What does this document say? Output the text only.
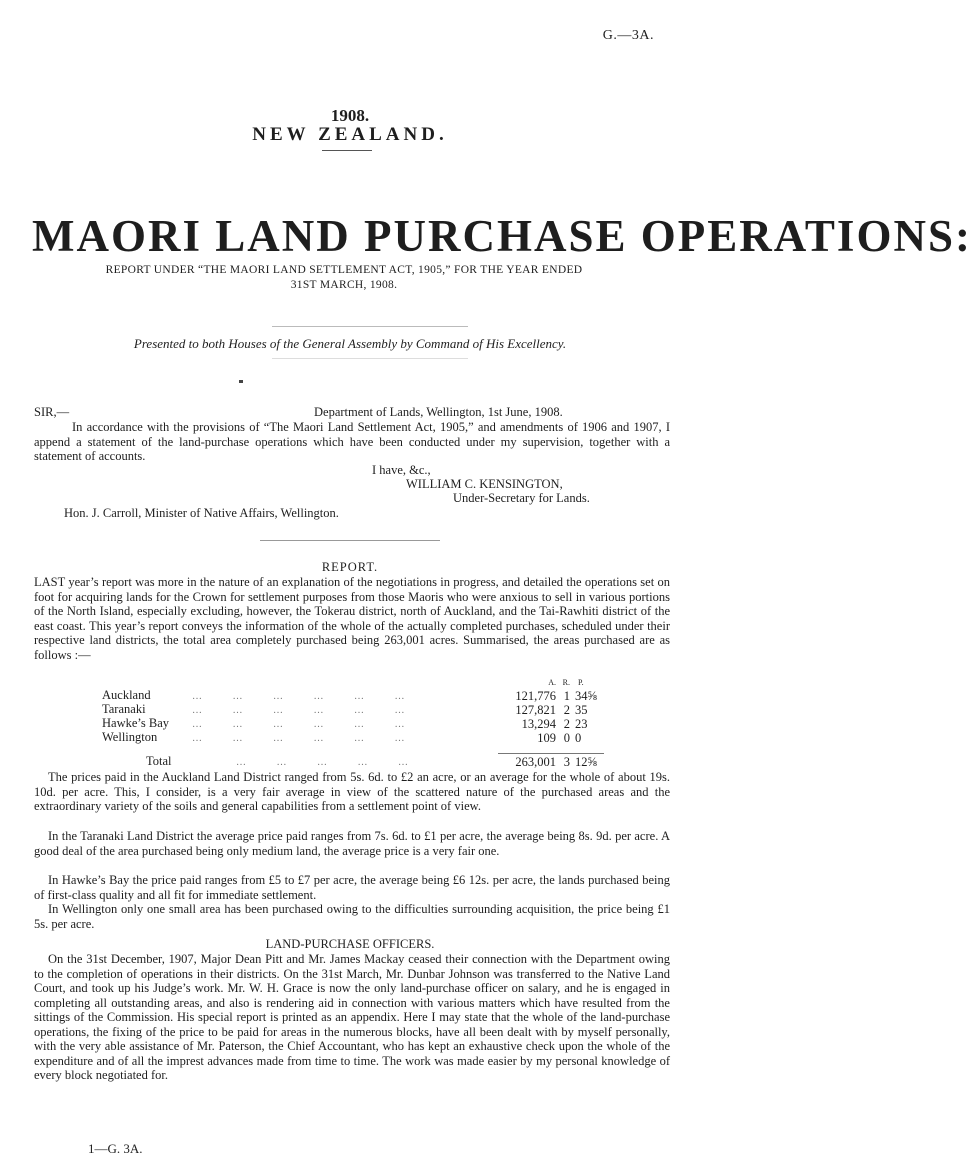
G.—3A.
1908.
NEW ZEALAND.
MAORI LAND PURCHASE OPERATIONS:
REPORT UNDER “THE MAORI LAND SETTLEMENT ACT, 1905,” FOR THE YEAR ENDED
31ST MARCH, 1908.
Presented to both Houses of the General Assembly by Command of His Excellency.
SIR,—	Department of Lands, Wellington, 1st June, 1908.
In accordance with the provisions of “The Maori Land Settlement Act, 1905,” and amendments of 1906 and 1907, I append a statement of the land-purchase operations which have been conducted under my supervision, together with a statement of accounts.
I have, &c.,
WILLIAM C. KENSINGTON,
Under-Secretary for Lands.
Hon. J. Carroll, Minister of Native Affairs, Wellington.
REPORT.
LAST year’s report was more in the nature of an explanation of the negotiations in progress, and detailed the operations set on foot for acquiring lands for the Crown for settlement purposes from those Maoris who were anxious to sell in various portions of the North Island, especially excluding, however, the Tokerau district, north of Auckland, and the Tai-Rawhiti district of the east coast. This year’s report conveys the information of the whole of the actually completed purchases, scheduled under their respective land districts, the total area completely purchased being 263,001 acres. Summarised, the areas purchased are as follows :—
	A.	R.	P.
Auckland … … … … … …	121,776	1	34⅝
Taranaki … … … … … …	127,821	2	35
Hawke’s Bay … … … … … …	13,294	2	23
Wellington … … … … … …	109	0	0

Total … … … … …	263,001	3	12⅝
The prices paid in the Auckland Land District ranged from 5s. 6d. to £2 an acre, or an average for the whole of about 19s. 10d. per acre. This, I consider, is a very fair average in view of the scattered nature of the purchased areas and the extraordinary variety of the soils and general capabilities from a settlement point of view.
In the Taranaki Land District the average price paid ranges from 7s. 6d. to £1 per acre, the average being 8s. 9d. per acre. A good deal of the area purchased being only medium land, the average price is a very fair one.
In Hawke’s Bay the price paid ranges from £5 to £7 per acre, the average being £6 12s. per acre, the lands purchased being of first-class quality and all fit for immediate settlement.
In Wellington only one small area has been purchased owing to the difficulties surrounding acquisition, the price being £1 5s. per acre.
LAND-PURCHASE OFFICERS.
On the 31st December, 1907, Major Dean Pitt and Mr. James Mackay ceased their connection with the Department owing to the completion of operations in their districts. On the 31st March, Mr. Dunbar Johnson was transferred to the Native Land Court, and took up his Judge’s work. Mr. W. H. Grace is now the only land-purchase officer on salary, and he is engaged in completing all outstanding areas, and also is rendering aid in connection with various matters which have resulted from the sittings of the Commission. His special report is printed as an appendix. Here I may state that the whole of the land-purchase operations, the fixing of the price to be paid for areas in the numerous blocks, have all been dealt with by myself personally, with the very able assistance of Mr. Paterson, the Chief Accountant, who has kept an exhaustive check upon the whole of the expenditure and of all the imprest advances made from time to time. The work was made easier by my personal knowledge of every block negotiated for.
1—G. 3A.
